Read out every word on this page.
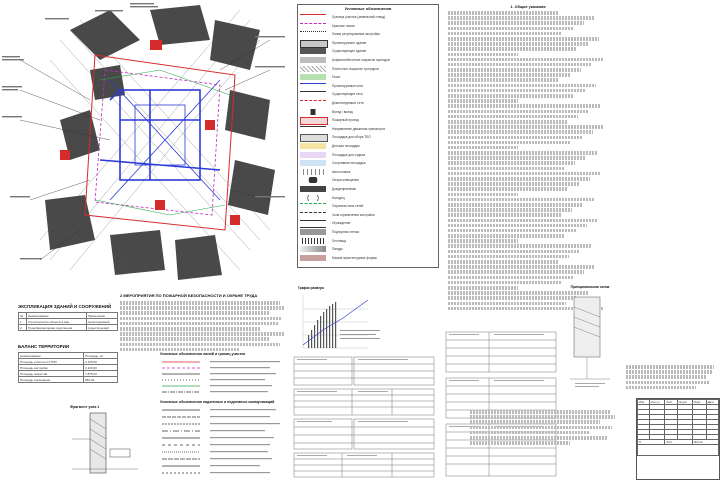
ЭКСПЛИКАЦИЯ ЗДАНИЙ И СООРУЖЕНИЙ
№	Наименование	Примечание
1	Строительство объекта в мкр.	проектируемый
2	Трансформаторная подстанция	существующий
БАЛАНС ТЕРРИТОРИИ
Наименование	Площадь, м²
Площадь участка по ГПЗУ	4 135,00
Площадь застройки	1 420,00
Площадь покрытий	1 875,00
Площадь озеленения	840,00
2 МЕРОПРИЯТИЯ ПО ПОЖАРНОЙ БЕЗОПАСНОСТИ И ОХРАНЕ ТРУДА
Условные обозначения линий и границ участка
Условные обозначения надземных и подземных коммуникаций
Фрагмент узла 1
Условные обозначения
Граница участка (земельный отвод)
Красные линии
Линия регулирования застройки
Проектируемое здание
Существующее здание
Асфальтобетонное покрытие проездов
Плиточное покрытие тротуаров
Газон
Проектируемые сети
Существующие сети
Демонтируемые сети
Въезд / выезд
Пожарный проезд
Направление движения транспорта
Площадка для сбора ТБО
Детская площадка
Площадка для отдыха
Спортивная площадка
Автостоянка
Опора освещения
Дождеприемник
Колодец
Охранная зона сетей
Зона ограничения застройки
Ограждение
Подпорная стенка
Лестница
Пандус
Малые архитектурные формы
График размера
1. Общие указания
Принципиальная схема
Изм.	Кол.уч	Лист	№ док	Подп.	Дата

П		Лист		Листов	
